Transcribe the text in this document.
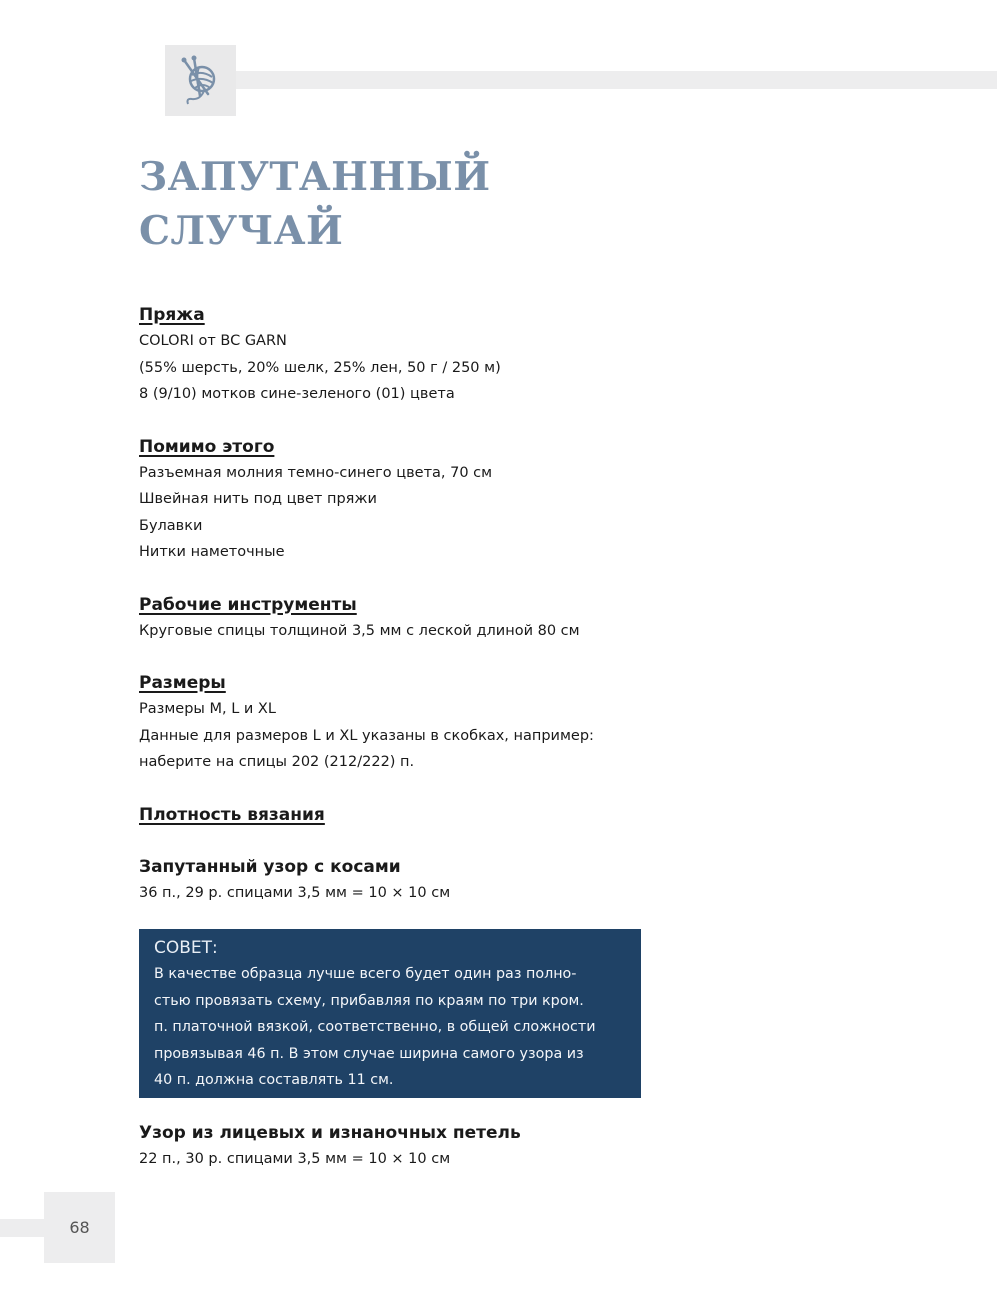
ЗАПУТАННЫЙ
СЛУЧАЙ

Пряжа

COLORI от BC GARN

(55% шерсть, 20% шелк, 25% лен, 50 г / 250 м)

8 (9/10) мотков сине-зеленого (01) цвета

Помимо этого

Разъемная молния темно-синего цвета, 70 см

Швейная нить под цвет пряжи

Булавки

Нитки наметочные

Рабочие инструменты

Круговые спицы толщиной 3,5 мм с леской длиной 80 см

Размеры

Размеры M, L и XL

Данные для размеров L и XL указаны в скобках, например:

наберите на спицы 202 (212/222) п.

Плотность вязания

Запутанный узор с косами

36 п., 29 р. спицами 3,5 мм = 10 × 10 см

СОВЕТ:

В качестве образца лучше всего будет один раз полно-

стью провязать схему, прибавляя по краям по три кром.

п. платочной вязкой, соответственно, в общей сложности

провязывая 46 п. В этом случае ширина самого узора из

40 п. должна составлять 11 см.

Узор из лицевых и изнаночных петель

22 п., 30 р. спицами 3,5 мм = 10 × 10 см

68
